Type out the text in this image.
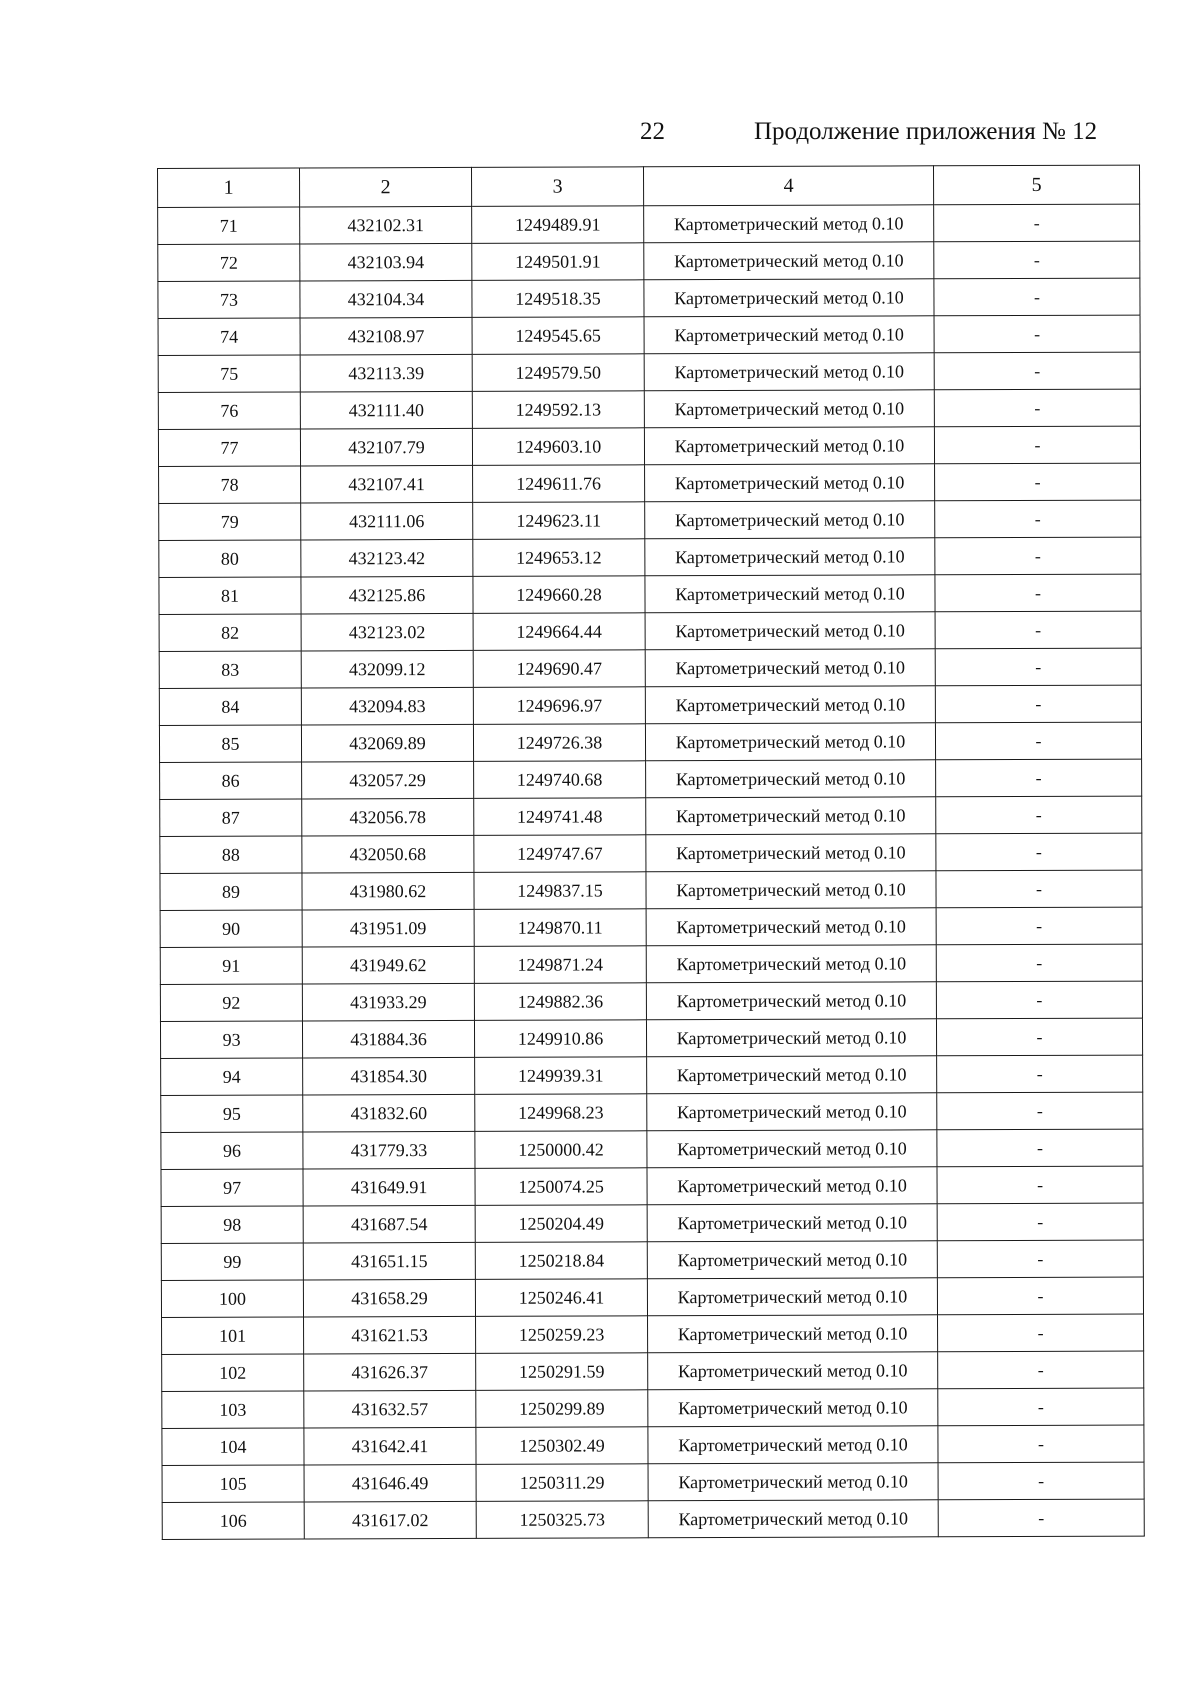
22	Продолжение приложения № 12
1	2	3	4	5
71	432102.31	1249489.91	Картометрический метод 0.10	-
72	432103.94	1249501.91	Картометрический метод 0.10	-
73	432104.34	1249518.35	Картометрический метод 0.10	-
74	432108.97	1249545.65	Картометрический метод 0.10	-
75	432113.39	1249579.50	Картометрический метод 0.10	-
76	432111.40	1249592.13	Картометрический метод 0.10	-
77	432107.79	1249603.10	Картометрический метод 0.10	-
78	432107.41	1249611.76	Картометрический метод 0.10	-
79	432111.06	1249623.11	Картометрический метод 0.10	-
80	432123.42	1249653.12	Картометрический метод 0.10	-
81	432125.86	1249660.28	Картометрический метод 0.10	-
82	432123.02	1249664.44	Картометрический метод 0.10	-
83	432099.12	1249690.47	Картометрический метод 0.10	-
84	432094.83	1249696.97	Картометрический метод 0.10	-
85	432069.89	1249726.38	Картометрический метод 0.10	-
86	432057.29	1249740.68	Картометрический метод 0.10	-
87	432056.78	1249741.48	Картометрический метод 0.10	-
88	432050.68	1249747.67	Картометрический метод 0.10	-
89	431980.62	1249837.15	Картометрический метод 0.10	-
90	431951.09	1249870.11	Картометрический метод 0.10	-
91	431949.62	1249871.24	Картометрический метод 0.10	-
92	431933.29	1249882.36	Картометрический метод 0.10	-
93	431884.36	1249910.86	Картометрический метод 0.10	-
94	431854.30	1249939.31	Картометрический метод 0.10	-
95	431832.60	1249968.23	Картометрический метод 0.10	-
96	431779.33	1250000.42	Картометрический метод 0.10	-
97	431649.91	1250074.25	Картометрический метод 0.10	-
98	431687.54	1250204.49	Картометрический метод 0.10	-
99	431651.15	1250218.84	Картометрический метод 0.10	-
100	431658.29	1250246.41	Картометрический метод 0.10	-
101	431621.53	1250259.23	Картометрический метод 0.10	-
102	431626.37	1250291.59	Картометрический метод 0.10	-
103	431632.57	1250299.89	Картометрический метод 0.10	-
104	431642.41	1250302.49	Картометрический метод 0.10	-
105	431646.49	1250311.29	Картометрический метод 0.10	-
106	431617.02	1250325.73	Картометрический метод 0.10	-
